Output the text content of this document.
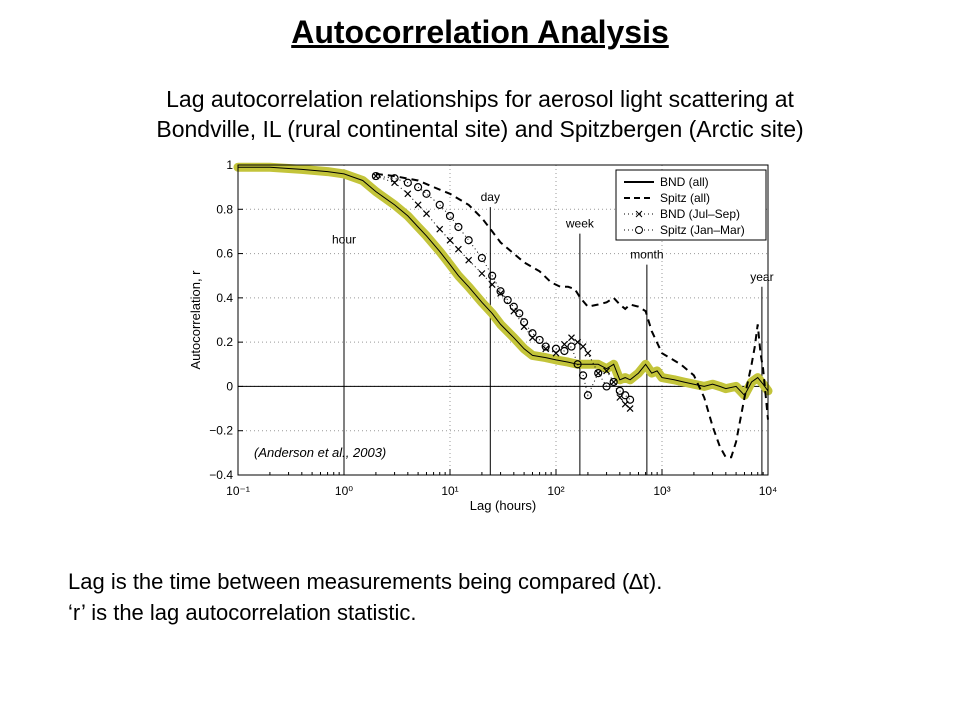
Autocorrelation Analysis
Lag autocorrelation relationships for aerosol light scattering at
Bondville, IL (rural continental site) and Spitzbergen (Arctic site)
hour
day
week
month
year
−0.4
−0.2
0
0.2
0.4
0.6
0.8
1
10⁻¹	10⁰	10¹	10²	10³	10⁴
Lag (hours)
Autocorrelation, r
(Anderson et al., 2003)
BND (all)
Spitz (all)
BND (Jul–Sep)
Spitz (Jan–Mar)
Lag is the time between measurements being compared (∆t).
‘r’ is the lag autocorrelation statistic.
